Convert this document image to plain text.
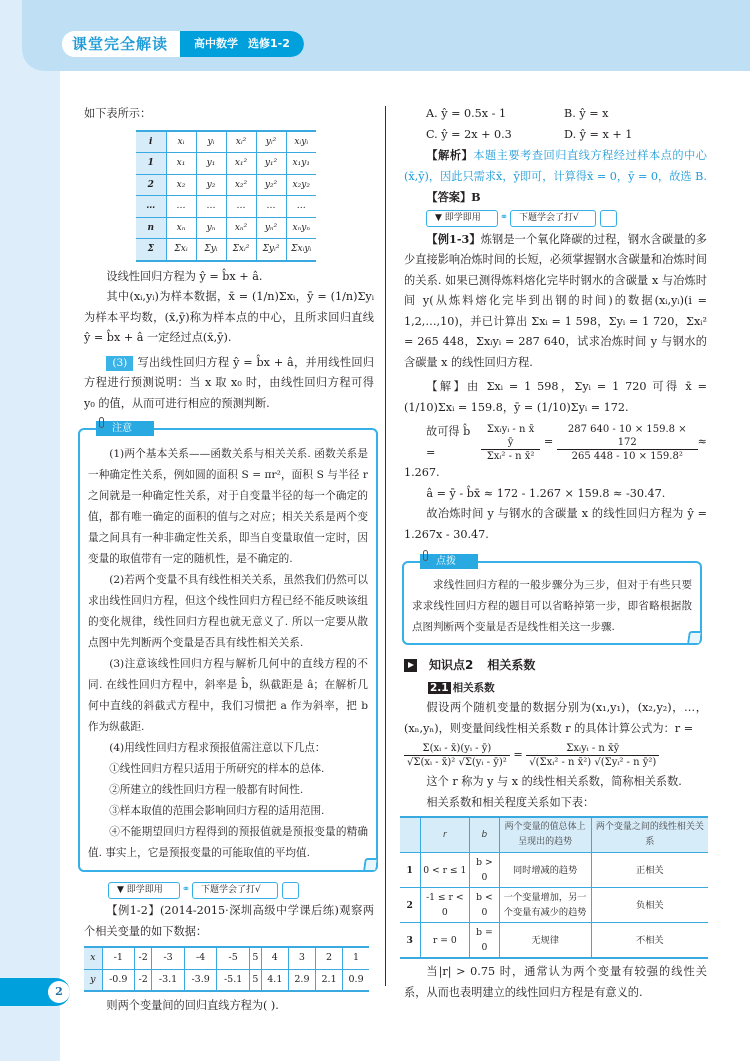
课堂完全解读	高中数学 选修1-2

如下表所示：

i	xᵢ	yᵢ	xᵢ²	yᵢ²	xᵢyᵢ
1	x₁	y₁	x₁²	y₁²	x₁y₁
2	x₂	y₂	x₂²	y₂²	x₂y₂
…	…	…	…	…	…
n	xₙ	yₙ	xₙ²	yₙ²	xₙyₙ
Σ	Σxᵢ	Σyᵢ	Σxᵢ²	Σyᵢ²	Σxᵢyᵢ

设线性回归方程为 ŷ = b̂x + â.

其中(xᵢ,yᵢ)为样本数据，x̄ = (1/n)Σxᵢ，ȳ = (1/n)Σyᵢ 为样本平均数，(x̄,ȳ)称为样本点的中心，且所求回归直线 ŷ = b̂x + â 一定经过点(x̄,ȳ).

(3) 写出线性回归方程 ŷ = b̂x + â，并用线性回归方程进行预测说明：当 x 取 x₀ 时，由线性回归方程可得 y₀ 的值，从而可进行相应的预测判断.

注意

(1)两个基本关系——函数关系与相关关系. 函数关系是一种确定性关系，例如圆的面积 S = πr²，面积 S 与半径 r 之间就是一种确定性关系，对于自变量半径的每一个确定的值，都有唯一确定的面积的值与之对应；相关关系是两个变量之间具有一种非确定性关系，即当自变量取值一定时，因变量的取值带有一定的随机性，是不确定的.

(2)若两个变量不具有线性相关关系，虽然我们仍然可以求出线性回归方程，但这个线性回归方程已经不能反映该组的变化规律，线性回归方程也就无意义了. 所以一定要从散点图中先判断两个变量是否具有线性相关关系.

(3)注意该线性回归方程与解析几何中的直线方程的不同. 在线性回归方程中，斜率是 b̂，纵截距是 â；在解析几何中直线的斜截式方程中，我们习惯把 a 作为斜率，把 b 作为纵截距.

(4)用线性回归方程求预报值需注意以下几点：

①线性回归方程只适用于所研究的样本的总体.

②所建立的线性回归方程一般都有时间性.

③样本取值的范围会影响回归方程的适用范围.

④不能期望回归方程得到的预报值就是预报变量的精确值. 事实上，它是预报变量的可能取值的平均值.

▼ 即学即用	⚭	下题学会了打√

【例1-2】(2014-2015·深圳高级中学课后练)观察两个相关变量的如下数据：

x	-1	-2	-3	-4	-5	5	4	3	2	1
y	-0.9	-2	-3.1	-3.9	-5.1	5	4.1	2.9	2.1	0.9

则两个变量间的回归直线方程为( ).

A. ŷ = 0.5x - 1	B. ŷ = x
C. ŷ = 2x + 0.3	D. ŷ = x + 1

【解析】本题主要考查回归直线方程经过样本点的中心(x̄,ȳ)，因此只需求x̄，ȳ即可，计算得x̄ = 0，ȳ = 0，故选 B.

【答案】B

▼ 即学即用	⚭	下题学会了打√

【例1-3】炼钢是一个氧化降碳的过程，钢水含碳量的多少直接影响冶炼时间的长短，必须掌握钢水含碳量和冶炼时间的关系. 如果已测得炼料熔化完毕时钢水的含碳量 x 与冶炼时间 y(从炼料熔化完毕到出钢的时间)的数据(xᵢ,yᵢ)(i = 1,2,…,10)，并已计算出 Σxᵢ = 1 598，Σyᵢ = 1 720，Σxᵢ² = 265 448，Σxᵢyᵢ = 287 640，试求冶炼时间 y 与钢水的含碳量 x 的线性回归方程.

【解】由 Σxᵢ = 1 598，Σyᵢ = 1 720 可得 x̄ = (1/10)Σxᵢ = 159.8，ȳ = (1/10)Σyᵢ = 172.

故可得 b̂ =	$\frac{\text{Σxᵢyᵢ - n x̄ ȳ}}{\text{Σxᵢ² - n x̄²}} = \frac{287 640 - 10 \times 159.8 \times 172}{\text{265 448 - 10 × 159.8²}}$ ≈

1.267.

â = ȳ - b̂x̄ ≈ 172 - 1.267 × 159.8 ≈ -30.47.

故冶炼时间 y 与钢水的含碳量 x 的线性回归方程为 ŷ = 1.267x - 30.47.

点拨

求线性回归方程的一般步骤分为三步，但对于有些只要求求线性回归方程的题目可以省略掉第一步，即省略根据散点图判断两个变量是否是线性相关这一步骤.

知识点2 相关系数
2.1 相关系数

假设两个随机变量的数据分别为(x₁,y₁)，(x₂,y₂)，…，(xₙ,yₙ)，则变量间线性相关系数 r 的具体计算公式为：r =

$\frac{\text{Σ(xᵢ - x̄)(yᵢ - ȳ)}}{\text{√Σ(xᵢ - x̄)² √Σ(yᵢ - ȳ)²}} = \frac{\text{Σxᵢyᵢ - n x̄ȳ}}{\text{√(Σxᵢ² - n x̄²) √(Σyᵢ² - n ȳ²)}}$

这个 r 称为 y 与 x 的线性相关系数，简称相关系数.

相关系数和相关程度关系如下表：

	r	b	两个变量的值总体上呈现出的趋势	两个变量之间的线性相关关系
1	0 < r ≤ 1	b > 0	同时增减的趋势	正相关
2	-1 ≤ r < 0	b < 0	一个变量增加，另一个变量有减少的趋势	负相关
3	r = 0	b = 0	无规律	不相关

当|r| > 0.75 时，通常认为两个变量有较强的线性关系，从而也表明建立的线性回归方程是有意义的.

2
